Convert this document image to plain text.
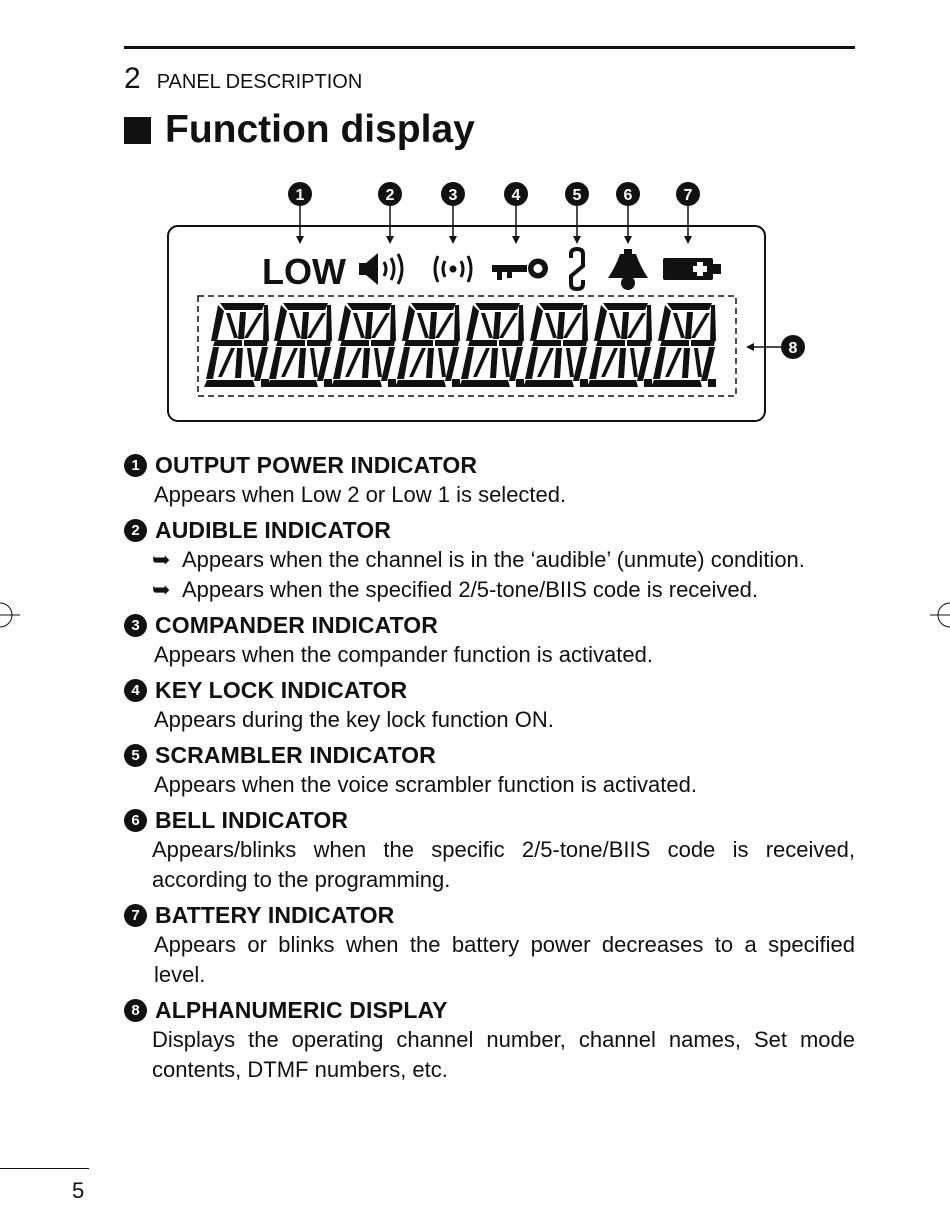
2 PANEL DESCRIPTION
Function display
1	2	3	4	5	6	7
8
LOW
1 OUTPUT POWER INDICATOR
Appears when Low 2 or Low 1 is selected.
2 AUDIBLE INDICATOR
➥ Appears when the channel is in the ‘audible’ (unmute) condition.
➥ Appears when the specified 2/5-tone/BIIS code is received.
3 COMPANDER INDICATOR
Appears when the compander function is activated.
4 KEY LOCK INDICATOR
Appears during the key lock function ON.
5 SCRAMBLER INDICATOR
Appears when the voice scrambler function is activated.
6 BELL INDICATOR
Appears/blinks when the specific 2/5-tone/BIIS code is received, according to the programming.
7 BATTERY INDICATOR
Appears or blinks when the battery power decreases to a specified level.
8 ALPHANUMERIC DISPLAY
Displays the operating channel number, channel names, Set mode contents, DTMF numbers, etc.
5
